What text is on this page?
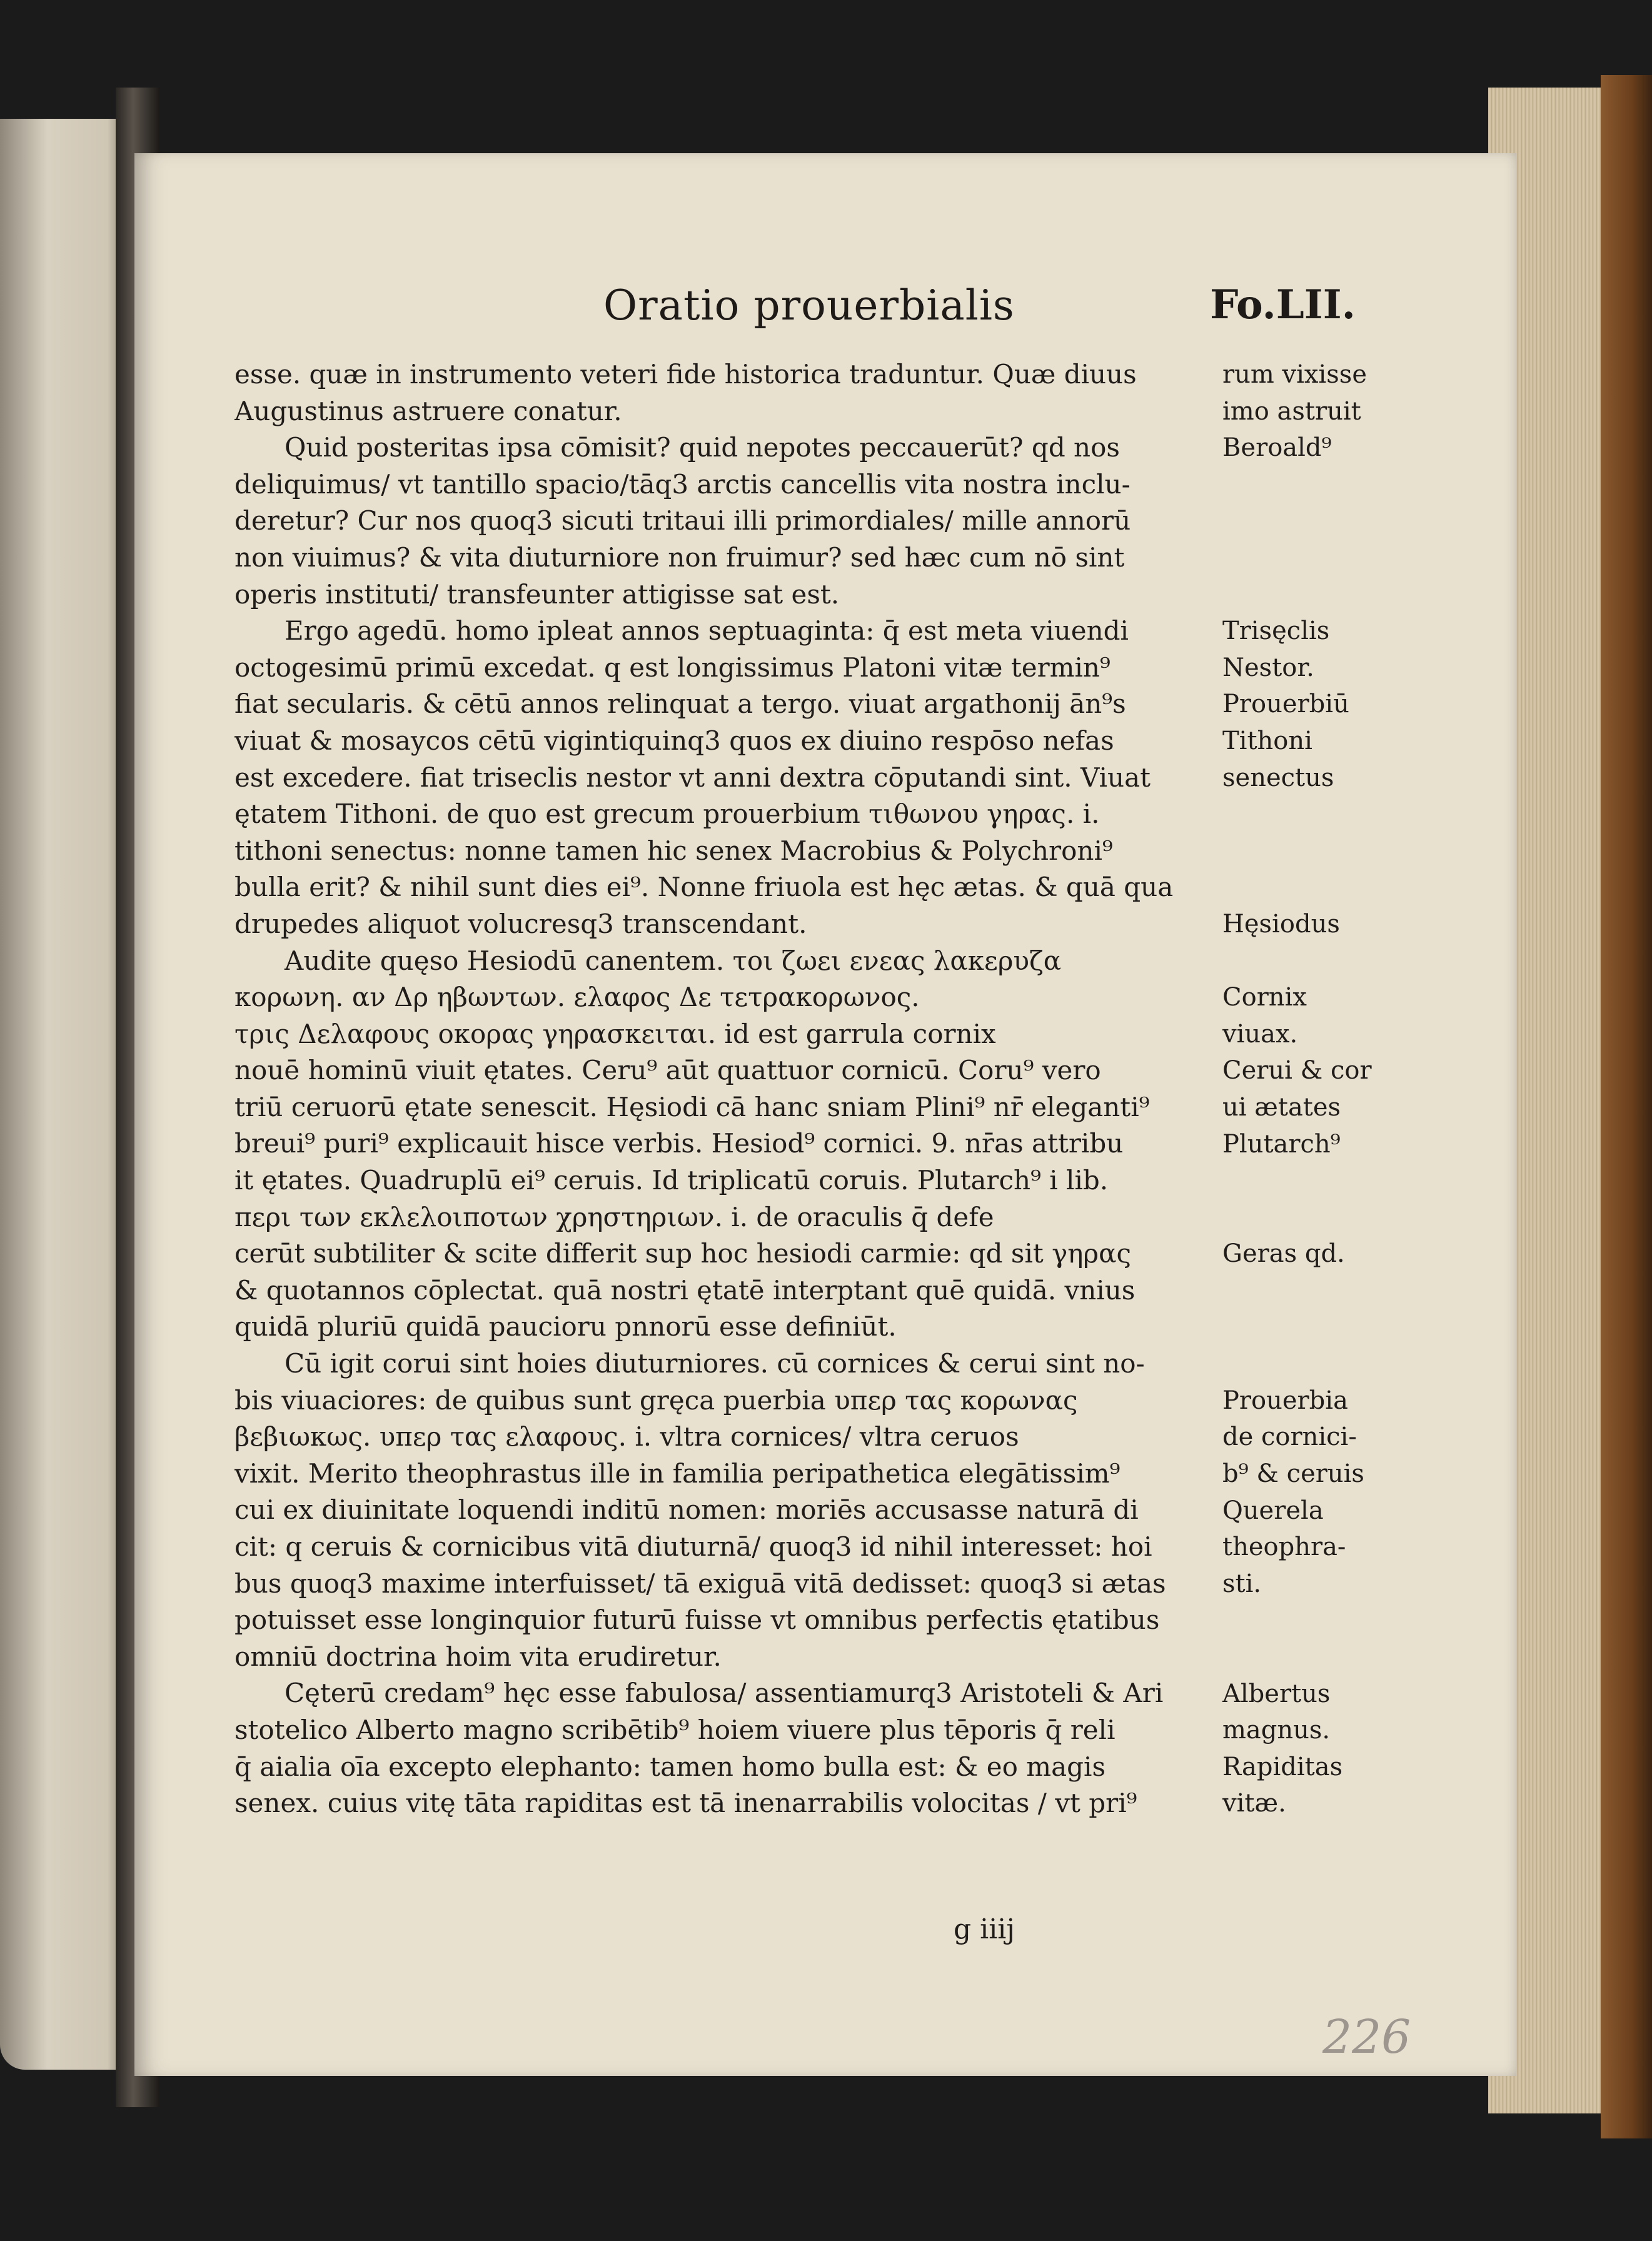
Oratio prouerbialis	Fo.LII.
esse. quæ in instrumento veteri fide historica traduntur. Quæ diuus
Augustinus astruere conatur.
Quid posteritas ipsa cōmisit? quid nepotes peccauerūt? qd nos
deliquimus/ vt tantillo spacio/tāq3 arctis cancellis vita nostra inclu-
deretur? Cur nos quoq3 sicuti tritaui illi primordiales/ mille annorū
non viuimus? & vita diuturniore non fruimur? sed hæc cum nō sint
operis instituti/ transfeunter attigisse sat est.
Ergo agedū. homo ipleat annos septuaginta: q̄ est meta viuendi
octogesimū primū excedat. q est longissimus Platoni vitæ termin⁹
fiat secularis. & cētū annos relinquat a tergo. viuat argathonij ān⁹s
viuat & mosaycos cētū vigintiquinq3 quos ex diuino respōso nefas
est excedere. fiat triseclis nestor vt anni dextra cōputandi sint. Viuat
ętatem Tithoni. de quo est grecum prouerbium τιθωνου γηρας. i.
tithoni senectus: nonne tamen hic senex Macrobius & Polychroni⁹
bulla erit? & nihil sunt dies ei⁹. Nonne friuola est hęc ætas. & quā qua
drupedes aliquot volucresq3 transcendant.
Audite quęso Hesiodū canentem. τοι ζωει ενεας λακερυζα
κορωνη. αν Δρ ηβωντων. ελαφος Δε τετρακορωνος.
τρις Δελαφους οκορας γηρασκειται. id est garrula cornix
nouē hominū viuit ętates. Ceru⁹ aūt quattuor cornicū. Coru⁹ vero
triū ceruorū ętate senescit. Hęsiodi cā hanc sniam Plini⁹ nr̄ eleganti⁹
breui⁹ puri⁹ explicauit hisce verbis. Hesiod⁹ cornici. 9. nr̄as attribu
it ętates. Quadruplū ei⁹ ceruis. Id triplicatū coruis. Plutarch⁹ i lib.
περι των εκλελοιποτων χρηστηριων. i. de oraculis q̄ defe
cerūt subtiliter & scite differit sup hoc hesiodi carmie: qd sit γηρας
& quotannos cōplectat. quā nostri ętatē interptant quē quidā. vnius
quidā pluriū quidā paucioru pnnorū esse definiūt.
Cū igit corui sint hoies diuturniores. cū cornices & cerui sint no-
bis viuaciores: de quibus sunt gręca puerbia υπερ τας κορωνας
βεβιωκως. υπερ τας ελαφους. i. vltra cornices/ vltra ceruos
vixit. Merito theophrastus ille in familia peripathetica elegātissim⁹
cui ex diuinitate loquendi inditū nomen: moriēs accusasse naturā di
cit: q ceruis & cornicibus vitā diuturnā/ quoq3 id nihil interesset: hoi
bus quoq3 maxime interfuisset/ tā exiguā vitā dedisset: quoq3 si ætas
potuisset esse longinquior futurū fuisse vt omnibus perfectis ętatibus
omniū doctrina hoim vita erudiretur.
Cęterū credam⁹ hęc esse fabulosa/ assentiamurq3 Aristoteli & Ari
stotelico Alberto magno scribētib⁹ hoiem viuere plus tēporis q̄ reli
q̄ aialia oīa excepto elephanto: tamen homo bulla est: & eo magis
senex. cuius vitę tāta rapiditas est tā inenarrabilis volocitas / vt pri⁹
rum vixisse
imo astruit
Beroald⁹
Trisęclis
Nestor.
Prouerbiū
Tithoni
senectus
Hęsiodus
Cornix
viuax.
Cerui & cor
ui ætates
Plutarch⁹
Geras qd.
Prouerbia
de cornici-
b⁹ & ceruis
Querela
theophra-
sti.
Albertus
magnus.
Rapiditas
vitæ.
g iiij
226
